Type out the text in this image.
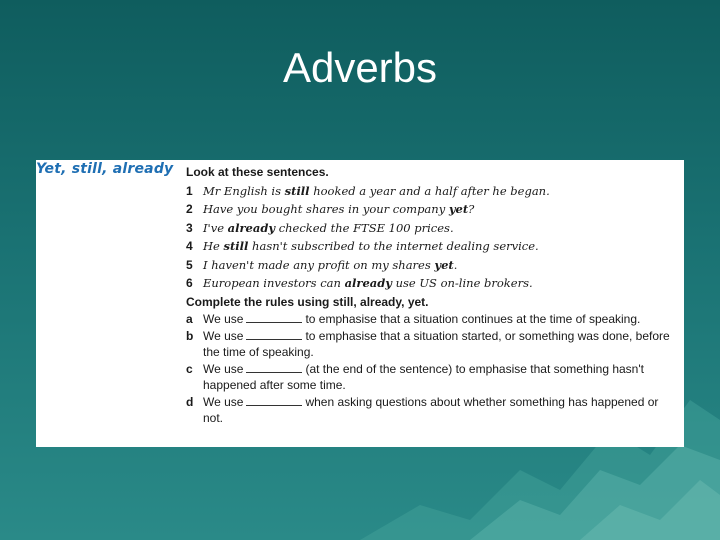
Adverbs
Yet, still, already Look at these sentences.
1 Mr English is still hooked a year and a half after he began.
2 Have you bought shares in your company yet?
3 I've already checked the FTSE 100 prices.
4 He still hasn't subscribed to the internet dealing service.
5 I haven't made any profit on my shares yet.
6 European investors can already use US on-line brokers.
Complete the rules using still, already, yet.
a We use	to emphasise that a situation continues at the time of speaking.
b We use	to emphasise that a situation started, or something was done, before the time of speaking.
c We use	(at the end of the sentence) to emphasise that something hasn't happened after some time.
d We use	when asking questions about whether something has happened or not.
